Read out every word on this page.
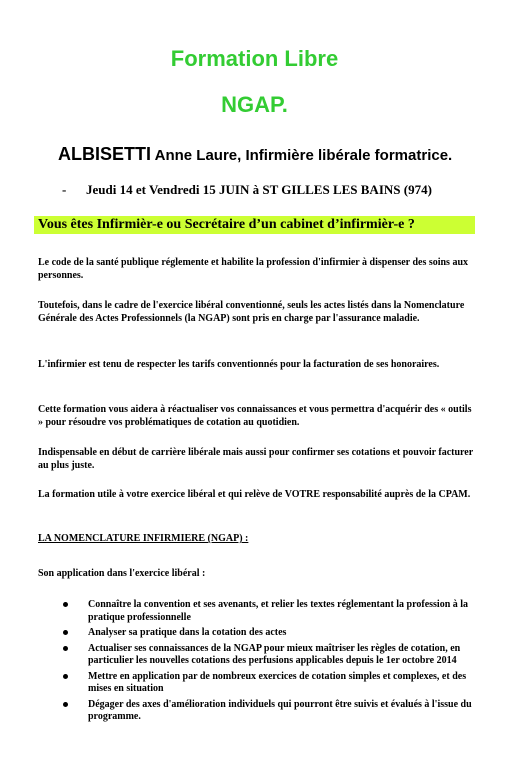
Formation Libre
NGAP.
ALBISETTI Anne Laure, Infirmière libérale formatrice.
- Jeudi 14 et Vendredi 15 JUIN à ST GILLES LES BAINS (974)
Vous êtes Infirmièr-e ou Secrétaire d’un cabinet d’infirmièr-e ?
Le code de la santé publique réglemente et habilite la profession d'infirmier à dispenser des soins aux personnes.
Toutefois, dans le cadre de l'exercice libéral conventionné, seuls les actes listés dans la Nomenclature Générale des Actes Professionnels (la NGAP) sont pris en charge par l'assurance maladie.
L'infirmier est tenu de respecter les tarifs conventionnés pour la facturation de ses honoraires.
Cette formation vous aidera à réactualiser vos connaissances et vous permettra d'acquérir des « outils » pour résoudre vos problématiques de cotation au quotidien.
Indispensable en début de carrière libérale mais aussi pour confirmer ses cotations et pouvoir facturer au plus juste.
La formation utile à votre exercice libéral et qui relève de VOTRE responsabilité auprès de la CPAM.
LA NOMENCLATURE INFIRMIERE (NGAP) :
Son application dans l'exercice libéral :
Connaître la convention et ses avenants, et relier les textes réglementant la profession à la pratique professionnelle
Analyser sa pratique dans la cotation des actes
Actualiser ses connaissances de la NGAP pour mieux maîtriser les règles de cotation, en particulier les nouvelles cotations des perfusions applicables depuis le 1er octobre 2014
Mettre en application par de nombreux exercices de cotation simples et complexes, et des mises en situation
Dégager des axes d'amélioration individuels qui pourront être suivis et évalués à l'issue du programme.
